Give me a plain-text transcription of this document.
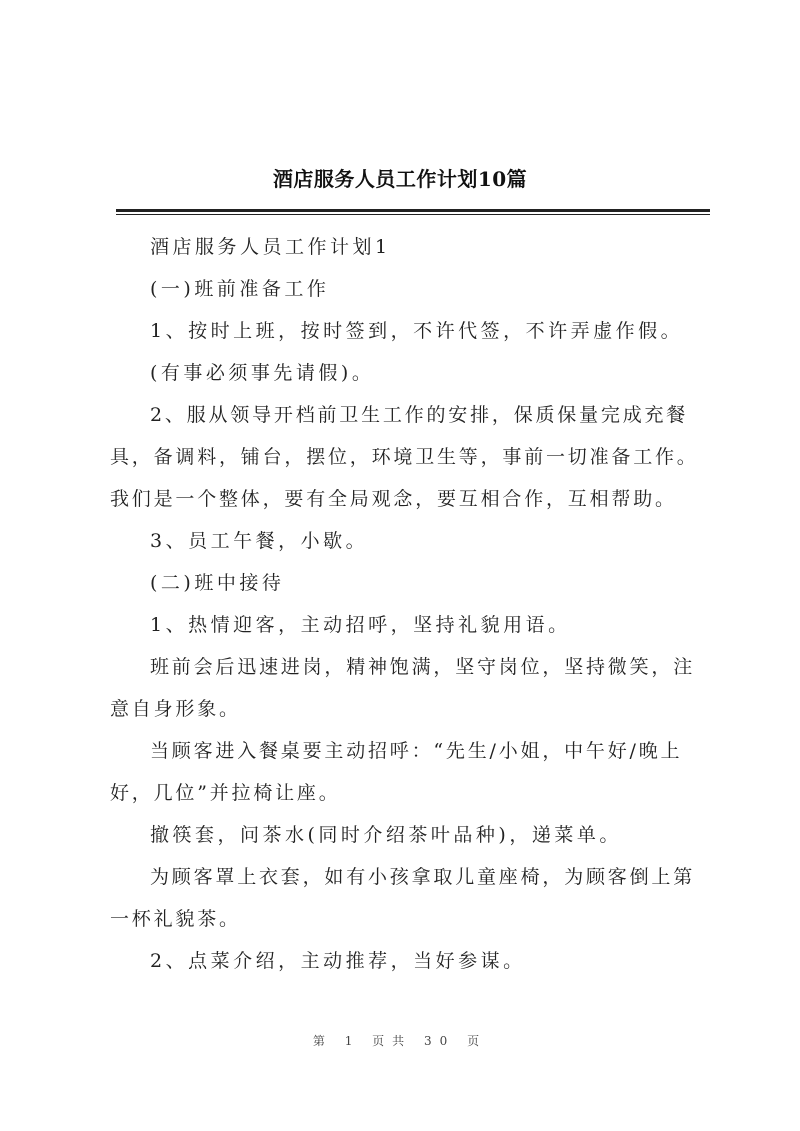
酒店服务人员工作计划10篇

酒店服务人员工作计划1

(一)班前准备工作

1、按时上班，按时签到，不许代签，不许弄虚作假。

(有事必须事先请假)。

2、服从领导开档前卫生工作的安排，保质保量完成充餐具，备调料，铺台，摆位，环境卫生等，事前一切准备工作。我们是一个整体，要有全局观念，要互相合作，互相帮助。

3、员工午餐，小歇。

(二)班中接待

1、热情迎客，主动招呼，坚持礼貌用语。

班前会后迅速进岗，精神饱满，坚守岗位，坚持微笑，注意自身形象。

当顾客进入餐桌要主动招呼：“先生/小姐，中午好/晚上好，几位”并拉椅让座。

撤筷套，问茶水(同时介绍茶叶品种)，递菜单。

为顾客罩上衣套，如有小孩拿取儿童座椅，为顾客倒上第一杯礼貌茶。

2、点菜介绍，主动推荐，当好参谋。

第 1 页共 30 页
